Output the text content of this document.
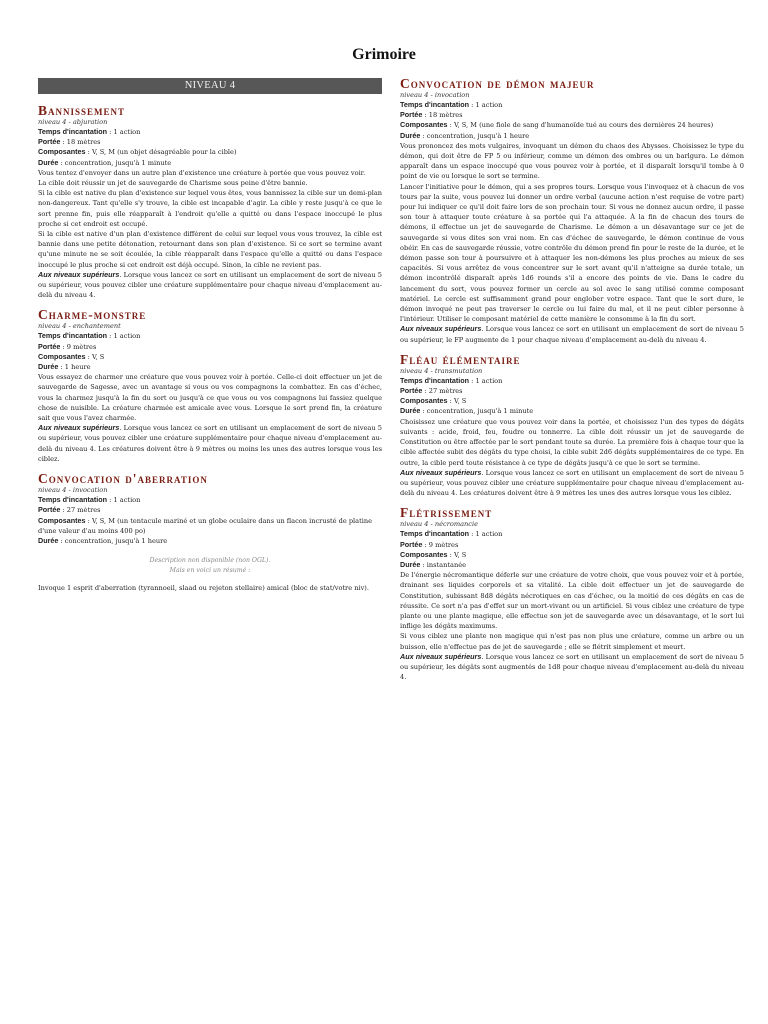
Grimoire
NIVEAU 4
Bannissement
niveau 4 - abjuration
Temps d'incantation : 1 action
Portée : 18 mètres
Composantes : V, S, M (un objet désagréable pour la cible)
Durée : concentration, jusqu'à 1 minute

Vous tentez d'envoyer dans un autre plan d'existence une créature à portée que vous pouvez voir.

La cible doit réussir un jet de sauvegarde de Charisme sous peine d'être bannie.

Si la cible est native du plan d'existence sur lequel vous êtes, vous bannissez la cible sur un demi-plan non-dangereux. Tant qu'elle s'y trouve, la cible est incapable d'agir. La cible y reste jusqu'à ce que le sort prenne fin, puis elle réapparaît à l'endroit qu'elle a quitté ou dans l'espace inoccupé le plus proche si cet endroit est occupé.

Si la cible est native d'un plan d'existence différent de celui sur lequel vous vous trouvez, la cible est bannie dans une petite détonation, retournant dans son plan d'existence. Si ce sort se termine avant qu'une minute ne se soit écoulée, la cible réapparaît dans l'espace qu'elle a quitté ou dans l'espace inoccupé le plus proche si cet endroit est déjà occupé. Sinon, la cible ne revient pas.

Aux niveaux supérieurs. Lorsque vous lancez ce sort en utilisant un emplacement de sort de niveau 5 ou supérieur, vous pouvez cibler une créature supplémentaire pour chaque niveau d'emplacement au-delà du niveau 4.

Charme-monstre
niveau 4 - enchantement
Temps d'incantation : 1 action
Portée : 9 mètres
Composantes : V, S
Durée : 1 heure

Vous essayez de charmer une créature que vous pouvez voir à portée. Celle-ci doit effectuer un jet de sauvegarde de Sagesse, avec un avantage si vous ou vos compagnons la combattez. En cas d'échec, vous la charmez jusqu'à la fin du sort ou jusqu'à ce que vous ou vos compagnons lui fassiez quelque chose de nuisible. La créature charmée est amicale avec vous. Lorsque le sort prend fin, la créature sait que vous l'avez charmée.

Aux niveaux supérieurs. Lorsque vous lancez ce sort en utilisant un emplacement de sort de niveau 5 ou supérieur, vous pouvez cibler une créature supplémentaire pour chaque niveau d'emplacement au-delà du niveau 4. Les créatures doivent être à 9 mètres ou moins les unes des autres lorsque vous les ciblez.

Convocation d'aberration
niveau 4 - invocation
Temps d'incantation : 1 action
Portée : 27 mètres
Composantes : V, S, M (un tentacule mariné et un globe oculaire dans un flacon incrusté de platine d'une valeur d'au moins 400 po)
Durée : concentration, jusqu'à 1 heure
Description non disponible (non OGL).
Mais en voici un résumé :

Invoque 1 esprit d'aberration (tyrannoeil, slaad ou rejeton stellaire) amical (bloc de stat/votre niv).

Convocation de démon majeur
niveau 4 - invocation
Temps d'incantation : 1 action
Portée : 18 mètres
Composantes : V, S, M (une fiole de sang d'humanoïde tué au cours des dernières 24 heures)
Durée : concentration, jusqu'à 1 heure

Vous prononcez des mots vulgaires, invoquant un démon du chaos des Abysses. Choisissez le type du démon, qui doit être de FP 5 ou inférieur, comme un démon des ombres ou un barlgura. Le démon apparaît dans un espace inoccupé que vous pouvez voir à portée, et il disparaît lorsqu'il tombe à 0 point de vie ou lorsque le sort se termine.

Lancer l'initiative pour le démon, qui a ses propres tours. Lorsque vous l'invoquez et à chacun de vos tours par la suite, vous pouvez lui donner un ordre verbal (aucune action n'est requise de votre part) pour lui indiquer ce qu'il doit faire lors de son prochain tour. Si vous ne donnez aucun ordre, il passe son tour à attaquer toute créature à sa portée qui l'a attaquée. À la fin de chacun des tours de démons, il effectue un jet de sauvegarde de Charisme. Le démon a un désavantage sur ce jet de sauvegarde si vous dites son vrai nom. En cas d'échec de sauvegarde, le démon continue de vous obéir. En cas de sauvegarde réussie, votre contrôle du démon prend fin pour le reste de la durée, et le démon passe son tour à poursuivre et à attaquer les non-démons les plus proches au mieux de ses capacités. Si vous arrêtez de vous concentrer sur le sort avant qu'il n'atteigne sa durée totale, un démon incontrôlé disparaît après 1d6 rounds s'il a encore des points de vie. Dans le cadre du lancement du sort, vous pouvez former un cercle au sol avec le sang utilisé comme composant matériel. Le cercle est suffisamment grand pour englober votre espace. Tant que le sort dure, le démon invoqué ne peut pas traverser le cercle ou lui faire du mal, et il ne peut cibler personne à l'intérieur. Utiliser le composant matériel de cette manière le consomme à la fin du sort.

Aux niveaux supérieurs. Lorsque vous lancez ce sort en utilisant un emplacement de sort de niveau 5 ou supérieur, le FP augmente de 1 pour chaque niveau d'emplacement au-delà du niveau 4.

Fléau élémentaire
niveau 4 - transmutation
Temps d'incantation : 1 action
Portée : 27 mètres
Composantes : V, S
Durée : concentration, jusqu'à 1 minute

Choisissez une créature que vous pouvez voir dans la portée, et choisissez l'un des types de dégâts suivants : acide, froid, feu, foudre ou tonnerre. La cible doit réussir un jet de sauvegarde de Constitution ou être affectée par le sort pendant toute sa durée. La première fois à chaque tour que la cible affectée subit des dégâts du type choisi, la cible subit 2d6 dégâts supplémentaires de ce type. En outre, la cible perd toute résistance à ce type de dégâts jusqu'à ce que le sort se termine.

Aux niveaux supérieurs. Lorsque vous lancez ce sort en utilisant un emplacement de sort de niveau 5 ou supérieur, vous pouvez cibler une créature supplémentaire pour chaque niveau d'emplacement au-delà du niveau 4. Les créatures doivent être à 9 mètres les unes des autres lorsque vous les ciblez.

Flétrissement
niveau 4 - nécromancie
Temps d'incantation : 1 action
Portée : 9 mètres
Composantes : V, S
Durée : instantanée

De l'énergie nécromantique déferle sur une créature de votre choix, que vous pouvez voir et à portée, drainant ses liquides corporels et sa vitalité. La cible doit effectuer un jet de sauvegarde de Constitution, subissant 8d8 dégâts nécrotiques en cas d'échec, ou la moitié de ces dégâts en cas de réussite. Ce sort n'a pas d'effet sur un mort-vivant ou un artificiel. Si vous ciblez une créature de type plante ou une plante magique, elle effectue son jet de sauvegarde avec un désavantage, et le sort lui inflige les dégâts maximums.

Si vous ciblez une plante non magique qui n'est pas non plus une créature, comme un arbre ou un buisson, elle n'effectue pas de jet de sauvegarde ; elle se flétrit simplement et meurt.

Aux niveaux supérieurs. Lorsque vous lancez ce sort en utilisant un emplacement de sort de niveau 5 ou supérieur, les dégâts sont augmentés de 1d8 pour chaque niveau d'emplacement au-delà du niveau 4.
